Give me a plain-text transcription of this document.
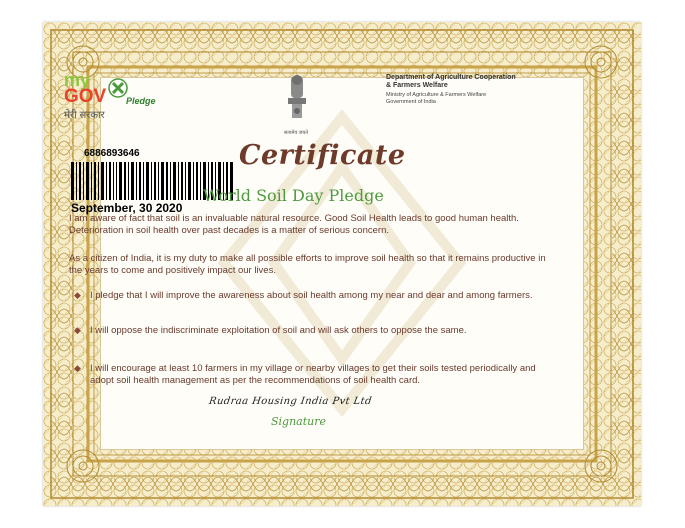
my
GOV
मेरी सरकार
Pledge
सत्यमेव जयते
Department of Agriculture Cooperation
& Farmers Welfare
Ministry of Agriculture & Farmers Welfare
Government of India
6886893646
September, 30 2020
Certificate
World Soil Day Pledge
I am aware of fact that soil is an invaluable natural resource. Good Soil Health leads to good human health. Deterioration in soil health over past decades is a matter of serious concern.
As a citizen of India, it is my duty to make all possible efforts to improve soil health so that it remains productive in the years to come and positively impact our lives.
◆ I pledge that I will improve the awareness about soil health among my near and dear and among farmers.
◆ I will oppose the indiscriminate exploitation of soil and will ask others to oppose the same.
◆ I will encourage at least 10 farmers in my village or nearby villages to get their soils tested periodically and adopt soil health management as per the recommendations of soil health card.
Rudraa Housing India Pvt Ltd
Signature
